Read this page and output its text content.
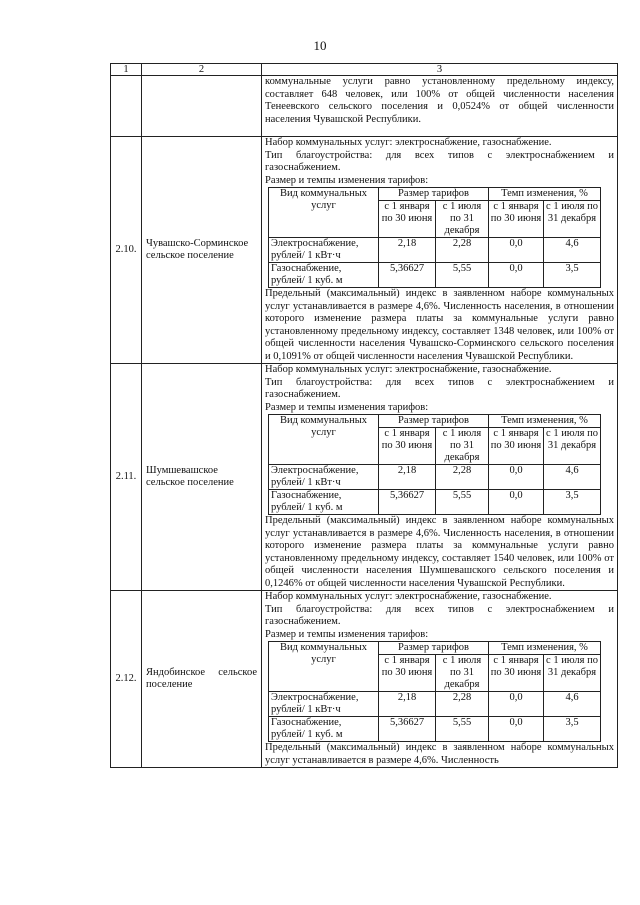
10
1	2	3

коммунальные услуги равно установленному предельному индексу, составляет 648 человек, или 100% от общей численности населения Тенеевского сельского поселения и 0,0524% от общей численности населения Чувашской Республики.

2.10.	Чувашско-Сорминское сельское поселение	
Набор коммунальных услуг: электроснабжение, газоснабжение.
Тип благоустройства: для всех типов с электроснабжением и газоснабжением.
Размер и темпы изменения тарифов:
Вид коммунальных услуг	Размер тарифов	Темп изменения, %
с 1 января по 30 июня	с 1 июля по 31 декабря	с 1 января по 30 июня	с 1 июля по 31 декабря
Электроснабжение, рублей/ 1 кВт·ч	2,18	2,28	0,0	4,6
Газоснабжение, рублей/ 1 куб. м	5,36627	5,55	0,0	3,5
Предельный (максимальный) индекс в заявленном наборе коммунальных услуг устанавливается в размере 4,6%. Численность населения, в отношении которого изменение размера платы за коммунальные услуги равно установленному предельному индексу, составляет 1348 человек, или 100% от общей численности населения Чувашско-Сорминского сельского поселения и 0,1091% от общей численности населения Чувашской Республики.

2.11.	Шумшевашское сельское поселение	
Набор коммунальных услуг: электроснабжение, газоснабжение.
Тип благоустройства: для всех типов с электроснабжением и газоснабжением.
Размер и темпы изменения тарифов:
Вид коммунальных услуг	Размер тарифов	Темп изменения, %
с 1 января по 30 июня	с 1 июля по 31 декабря	с 1 января по 30 июня	с 1 июля по 31 декабря
Электроснабжение, рублей/ 1 кВт·ч	2,18	2,28	0,0	4,6
Газоснабжение, рублей/ 1 куб. м	5,36627	5,55	0,0	3,5
Предельный (максимальный) индекс в заявленном наборе коммунальных услуг устанавливается в размере 4,6%. Численность населения, в отношении которого изменение размера платы за коммунальные услуги равно установленному предельному индексу, составляет 1540 человек, или 100% от общей численности населения Шумшевашского сельского поселения и 0,1246% от общей численности населения Чувашской Республики.

2.12.	Яндобинское сельское поселение	
Набор коммунальных услуг: электроснабжение, газоснабжение.
Тип благоустройства: для всех типов с электроснабжением и газоснабжением.
Размер и темпы изменения тарифов:
Вид коммунальных услуг	Размер тарифов	Темп изменения, %
с 1 января по 30 июня	с 1 июля по 31 декабря	с 1 января по 30 июня	с 1 июля по 31 декабря
Электроснабжение, рублей/ 1 кВт·ч	2,18	2,28	0,0	4,6
Газоснабжение, рублей/ 1 куб. м	5,36627	5,55	0,0	3,5
Предельный (максимальный) индекс в заявленном наборе коммунальных услуг устанавливается в размере 4,6%. Численность
